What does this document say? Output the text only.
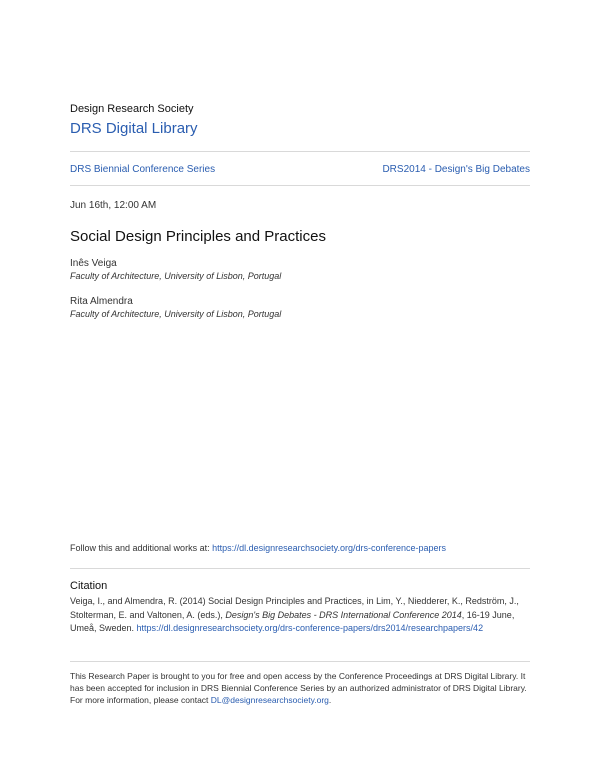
Design Research Society
DRS Digital Library
DRS Biennial Conference Series	DRS2014 - Design's Big Debates
Jun 16th, 12:00 AM
Social Design Principles and Practices
Inês Veiga
Faculty of Architecture, University of Lisbon, Portugal
Rita Almendra
Faculty of Architecture, University of Lisbon, Portugal
Follow this and additional works at: https://dl.designresearchsociety.org/drs-conference-papers
Citation
Veiga, I., and Almendra, R. (2014) Social Design Principles and Practices, in Lim, Y., Niedderer, K., Redström, J., Stolterman, E. and Valtonen, A. (eds.), Design's Big Debates - DRS International Conference 2014, 16-19 June, Umeå, Sweden. https://dl.designresearchsociety.org/drs-conference-papers/drs2014/researchpapers/42
This Research Paper is brought to you for free and open access by the Conference Proceedings at DRS Digital Library. It has been accepted for inclusion in DRS Biennial Conference Series by an authorized administrator of DRS Digital Library. For more information, please contact DL@designresearchsociety.org.
